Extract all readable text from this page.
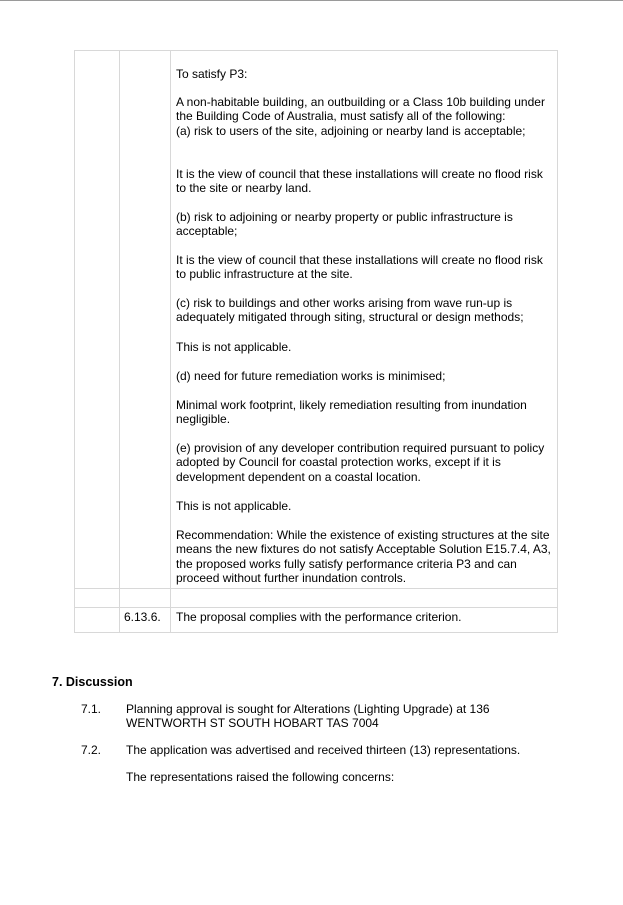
To satisfy P3:

A non-habitable building, an outbuilding or a Class 10b building under the Building Code of Australia, must satisfy all of the following:

(a) risk to users of the site, adjoining or nearby land is acceptable;

It is the view of council that these installations will create no flood risk to the site or nearby land.

(b) risk to adjoining or nearby property or public infrastructure is acceptable;

It is the view of council that these installations will create no flood risk to public infrastructure at the site.

(c) risk to buildings and other works arising from wave run-up is adequately mitigated through siting, structural or design methods;

This is not applicable.

(d) need for future remediation works is minimised;

Minimal work footprint, likely remediation resulting from inundation negligible.

(e) provision of any developer contribution required pursuant to policy adopted by Council for coastal protection works, except if it is development dependent on a coastal location.

This is not applicable.

Recommendation: While the existence of existing structures at the site means the new fixtures do not satisfy Acceptable Solution E15.7.4, A3, the proposed works fully satisfy performance criteria P3 and can proceed without further inundation controls.

6.13.6. The proposal complies with the performance criterion.
7. Discussion
7.1. Planning approval is sought for Alterations (Lighting Upgrade) at 136 WENTWORTH ST SOUTH HOBART TAS 7004

7.2. The application was advertised and received thirteen (13) representations.

The representations raised the following concerns:
